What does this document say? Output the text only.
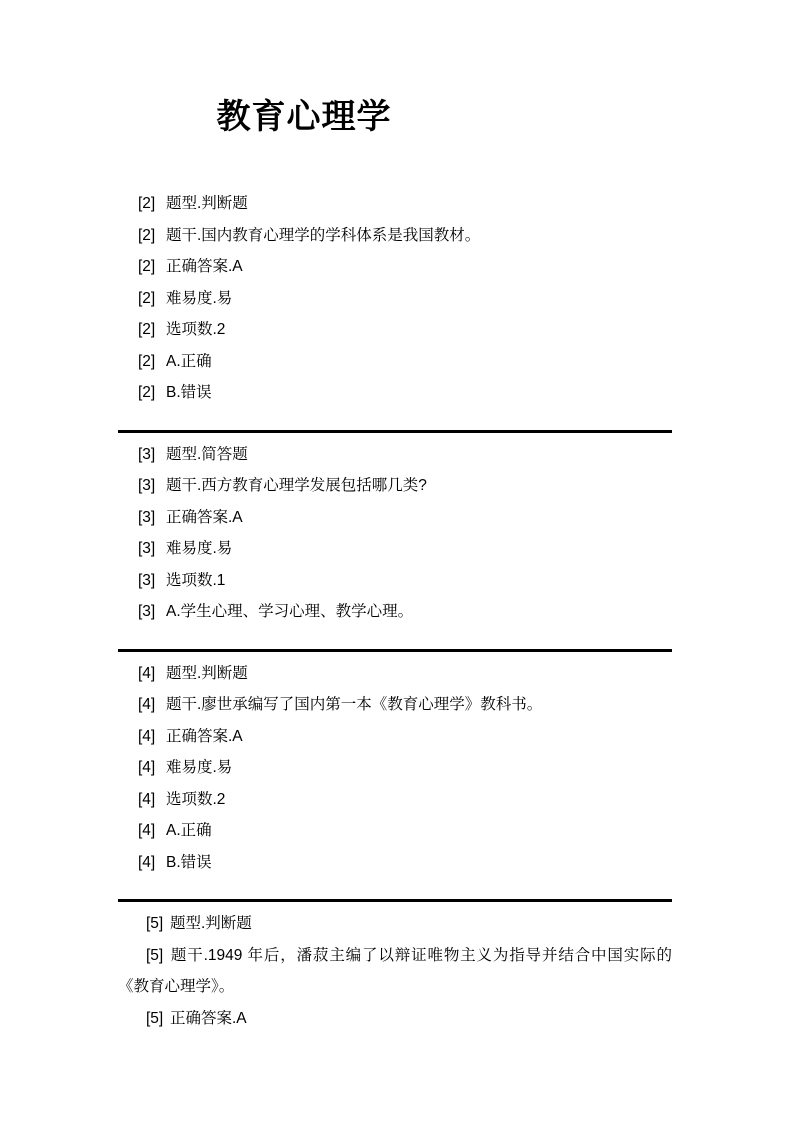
教育心理学
[2] 题型.判断题
[2] 题干.国内教育心理学的学科体系是我国教材。
[2] 正确答案.A
[2] 难易度.易
[2] 选项数.2
[2] A.正确
[2] B.错误
[3] 题型.简答题
[3] 题干.西方教育心理学发展包括哪几类?
[3] 正确答案.A
[3] 难易度.易
[3] 选项数.1
[3] A.学生心理、学习心理、教学心理。
[4] 题型.判断题
[4] 题干.廖世承编写了国内第一本《教育心理学》教科书。
[4] 正确答案.A
[4] 难易度.易
[4] 选项数.2
[4] A.正确
[4] B.错误
[5] 题型.判断题
[5] 题干.1949 年后，潘菽主编了以辩证唯物主义为指导并结合中国实际的《教育心理学》。
[5] 正确答案.A
